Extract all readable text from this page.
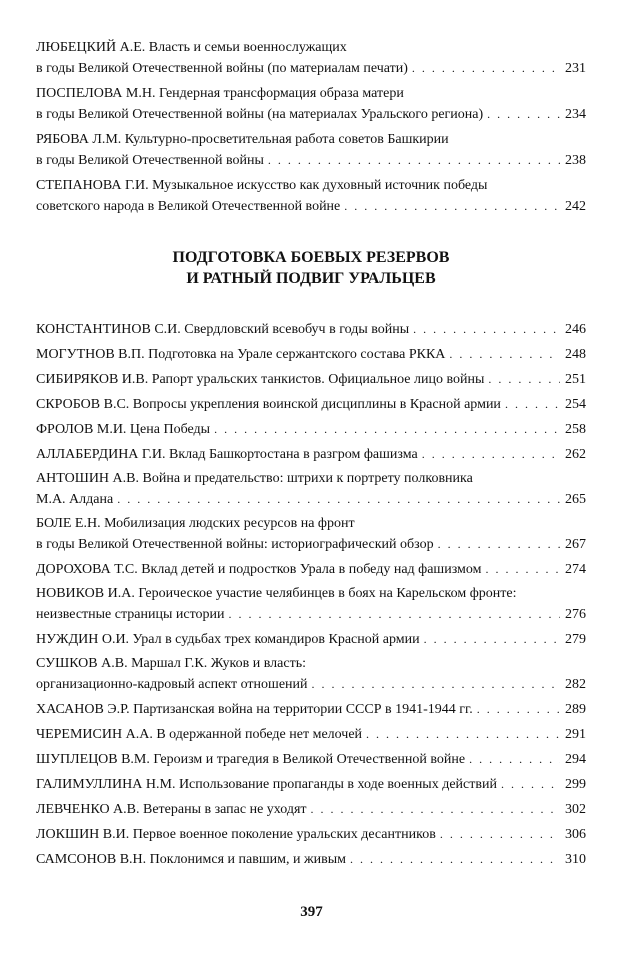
ЛЮБЕЦКИЙ А.Е. Власть и семьи военнослужащих
в годы Великой Отечественной войны (по материалам печати) . . .	231
ПОСПЕЛОВА М.Н. Гендерная трансформация образа матери
в годы Великой Отечественной войны (на материалах Уральского региона) . . .	234
РЯБОВА Л.М. Культурно-просветительная работа советов Башкирии
в годы Великой Отечественной войны . . .	238
СТЕПАНОВА Г.И. Музыкальное искусство как духовный источник победы
советского народа в Великой Отечественной войне . . .	242
ПОДГОТОВКА БОЕВЫХ РЕЗЕРВОВ
И РАТНЫЙ ПОДВИГ УРАЛЬЦЕВ
КОНСТАНТИНОВ С.И. Свердловский всевобуч в годы войны . . .	246
МОГУТНОВ В.П. Подготовка на Урале сержантского состава РККА . . .	248
СИБИРЯКОВ И.В. Рапорт уральских танкистов. Официальное лицо войны . . .	251
СКРОБОВ В.С. Вопросы укрепления воинской дисциплины в Красной армии . . .	254
ФРОЛОВ М.И. Цена Победы . . .	258
АЛЛАБЕРДИНА Г.И. Вклад Башкортостана в разгром фашизма . . .	262
АНТОШИН А.В. Война и предательство: штрихи к портрету полковника
М.А. Алдана . . .	265
БОЛЕ Е.Н. Мобилизация людских ресурсов на фронт
в годы Великой Отечественной войны: историографический обзор . . .	267
ДОРОХОВА Т.С. Вклад детей и подростков Урала в победу над фашизмом . . .	274
НОВИКОВ И.А. Героическое участие челябинцев в боях на Карельском фронте:
неизвестные страницы истории . . .	276
НУЖДИН О.И. Урал в судьбах трех командиров Красной армии . . .	279
СУШКОВ А.В. Маршал Г.К. Жуков и власть:
организационно-кадровый аспект отношений . . .	282
ХАСАНОВ Э.Р. Партизанская война на территории СССР в 1941-1944 гг. . . .	289
ЧЕРЕМИСИН А.А. В одержанной победе нет мелочей . . .	291
ШУПЛЕЦОВ В.М. Героизм и трагедия в Великой Отечественной войне . . .	294
ГАЛИМУЛЛИНА Н.М. Использование пропаганды в ходе военных действий . . .	299
ЛЕВЧЕНКО А.В. Ветераны в запас не уходят . . .	302
ЛОКШИН В.И. Первое военное поколение уральских десантников . . .	306
САМСОНОВ В.Н. Поклонимся и павшим, и живым . . .	310
397
